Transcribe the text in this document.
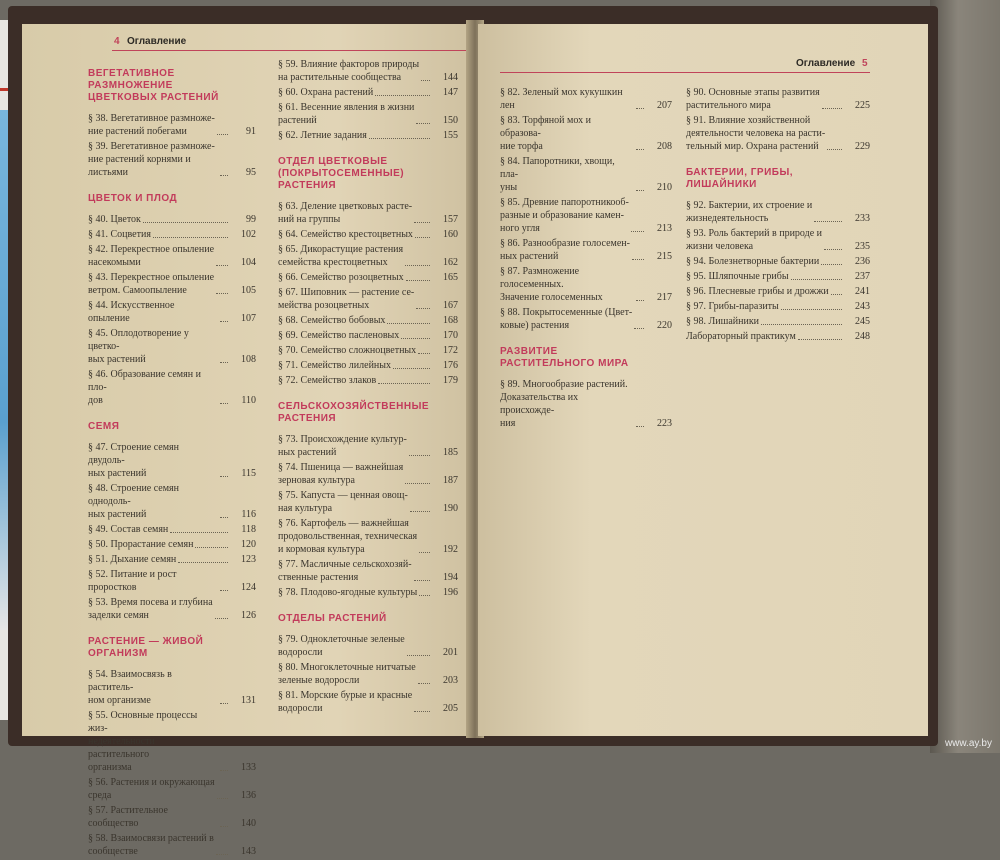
4 Оглавление
ВЕГЕТАТИВНОЕ
РАЗМНОЖЕНИЕ
ЦВЕТКОВЫХ РАСТЕНИЙ
§ 38. Вегетативное размноже-
ние растений побегами	91
§ 39. Вегетативное размноже-
ние растений корнями и листьями	95
ЦВЕТОК И ПЛОД
§ 40. Цветок	99
§ 41. Соцветия	102
§ 42. Перекрестное опыление
насекомыми	104
§ 43. Перекрестное опыление
ветром. Самоопыление	105
§ 44. Искусственное опыление	107
§ 45. Оплодотворение у цветко-
вых растений	108
§ 46. Образование семян и пло-
дов	110
СЕМЯ
§ 47. Строение семян двудоль-
ных растений	115
§ 48. Строение семян однодоль-
ных растений	116
§ 49. Состав семян	118
§ 50. Прорастание семян	120
§ 51. Дыхание семян	123
§ 52. Питание и рост проростков	124
§ 53. Время посева и глубина
заделки семян	126
РАСТЕНИЕ — ЖИВОЙ
ОРГАНИЗМ
§ 54. Взаимосвязь в раститель-
ном организме	131
§ 55. Основные процессы жиз-
недеятельности растительного
организма	133
§ 56. Растения и окружающая
среда	136
§ 57. Растительное сообщество	140
§ 58. Взаимосвязи растений в
сообществе	143
§ 59. Влияние факторов природы
на растительные сообщества	144
§ 60. Охрана растений	147
§ 61. Весенние явления в жизни
растений	150
§ 62. Летние задания	155
ОТДЕЛ ЦВЕТКОВЫЕ
(ПОКРЫТОСЕМЕННЫЕ)
РАСТЕНИЯ
§ 63. Деление цветковых расте-
ний на группы	157
§ 64. Семейство крестоцветных	160
§ 65. Дикорастущие растения
семейства крестоцветных	162
§ 66. Семейство розоцветных	165
§ 67. Шиповник — растение се-
мейства розоцветных	167
§ 68. Семейство бобовых	168
§ 69. Семейство пасленовых	170
§ 70. Семейство сложноцветных	172
§ 71. Семейство лилейных	176
§ 72. Семейство злаков	179
СЕЛЬСКОХОЗЯЙСТВЕННЫЕ
РАСТЕНИЯ
§ 73. Происхождение культур-
ных растений	185
§ 74. Пшеница — важнейшая
зерновая культура	187
§ 75. Капуста — ценная овощ-
ная культура	190
§ 76. Картофель — важнейшая
продовольственная, техническая
и кормовая культура	192
§ 77. Масличные сельскохозяй-
ственные растения	194
§ 78. Плодово-ягодные культуры	196
ОТДЕЛЫ РАСТЕНИЙ
§ 79. Одноклеточные зеленые
водоросли	201
§ 80. Многоклеточные нитчатые
зеленые водоросли	203
§ 81. Морские бурые и красные
водоросли	205
Оглавление 5
§ 82. Зеленый мох кукушкин лен	207
§ 83. Торфяной мох и образова-
ние торфа	208
§ 84. Папоротники, хвощи, пла-
уны	210
§ 85. Древние папоротникооб-
разные и образование камен-
ного угля	213
§ 86. Разнообразие голосемен-
ных растений	215
§ 87. Размножение голосеменных.
Значение голосеменных	217
§ 88. Покрытосеменные (Цвет-
ковые) растения	220
РАЗВИТИЕ
РАСТИТЕЛЬНОГО МИРА
§ 89. Многообразие растений.
Доказательства их происхожде-
ния	223
§ 90. Основные этапы развития
растительного мира	225
§ 91. Влияние хозяйственной
деятельности человека на расти-
тельный мир. Охрана растений	229
БАКТЕРИИ, ГРИБЫ,
ЛИШАЙНИКИ
§ 92. Бактерии, их строение и
жизнедеятельность	233
§ 93. Роль бактерий в природе и
жизни человека	235
§ 94. Болезнетворные бактерии	236
§ 95. Шляпочные грибы	237
§ 96. Плесневые грибы и дрожжи	241
§ 97. Грибы-паразиты	243
§ 98. Лишайники	245
Лабораторный практикум	248
www.ay.by
